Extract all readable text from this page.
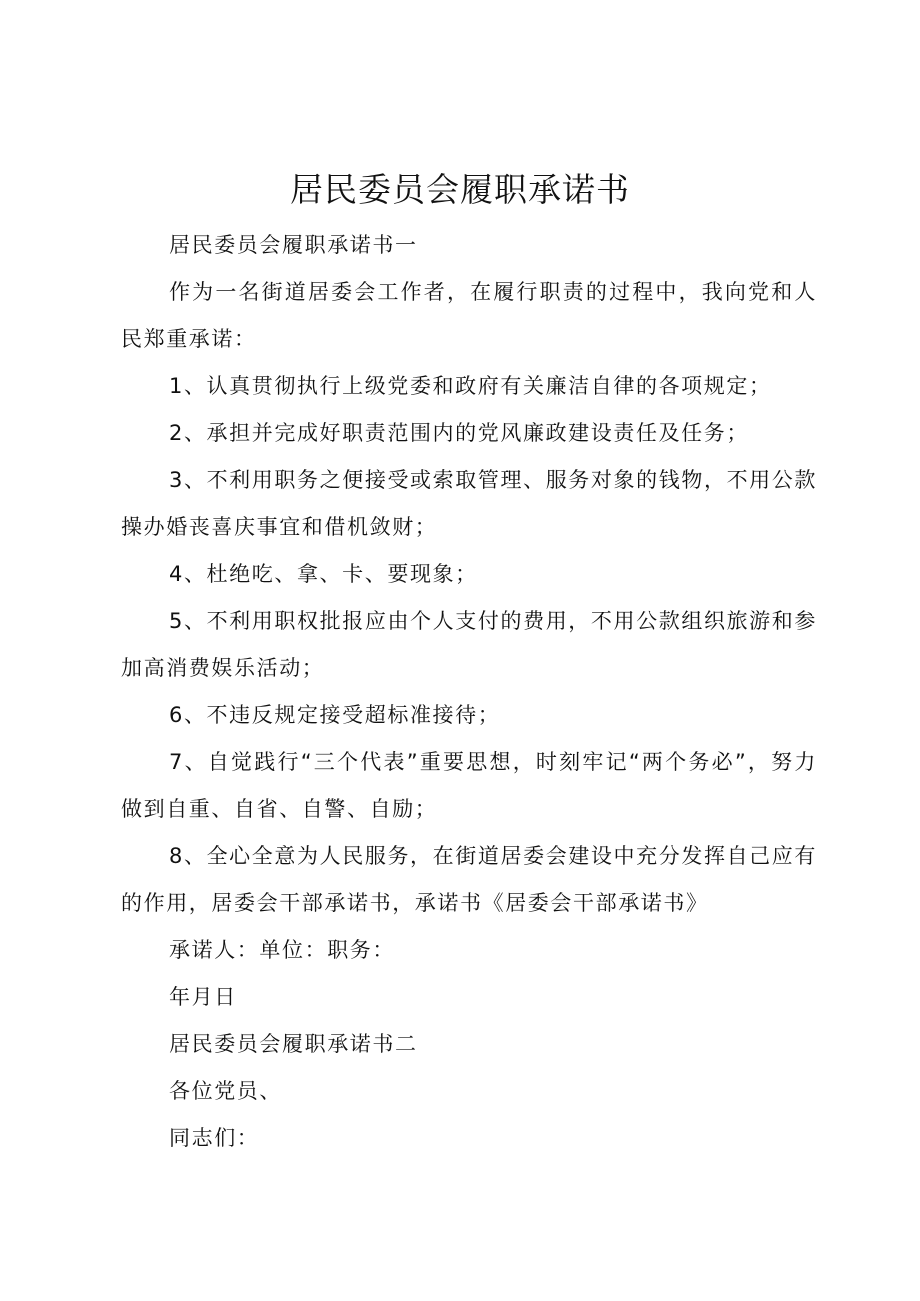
居民委员会履职承诺书

居民委员会履职承诺书一

作为一名街道居委会工作者，在履行职责的过程中，我向党和人民郑重承诺：

1、认真贯彻执行上级党委和政府有关廉洁自律的各项规定；

2、承担并完成好职责范围内的党风廉政建设责任及任务；

3、不利用职务之便接受或索取管理、服务对象的钱物，不用公款操办婚丧喜庆事宜和借机敛财；

4、杜绝吃、拿、卡、要现象；

5、不利用职权批报应由个人支付的费用，不用公款组织旅游和参加高消费娱乐活动；

6、不违反规定接受超标准接待；

7、自觉践行“三个代表”重要思想，时刻牢记“两个务必”，努力做到自重、自省、自警、自励；

8、全心全意为人民服务，在街道居委会建设中充分发挥自己应有的作用，居委会干部承诺书，承诺书《居委会干部承诺书》

承诺人：单位：职务：

年月日

居民委员会履职承诺书二

各位党员、

同志们：
